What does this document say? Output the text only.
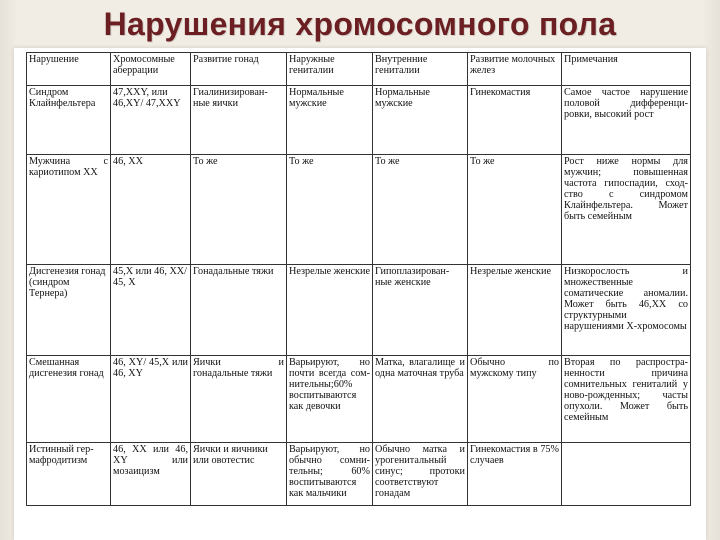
Нарушения хромосомного пола
Нарушение	Хромосомные аберрации	Развитие гонад	Наружные гениталии	Внутренние гениталии	Развитие молочных желез	Примечания
Синдром Клайнфельтера	47,XXY, или 46,XY/ 47,XXY	Гиалинизирован-ные яички	Нормальные мужские	Нормальные мужские	Гинекомастия	Самое частое нарушение половой дифференци-ровки, высокий рост
Мужчина с кариотипом XX	46, XX	То же	То же	То же	То же	Рост ниже нормы для мужчин; повышенная частота гипоспадии, сход-ство с синдромом Клайнфельтера. Может быть семейным
Дисгенезия гонад (синдром Тернера)	45,X или 46, XX/ 45, X	Гонадальные тяжи	Незрелые женские	Гипоплазирован-ные женские	Незрелые женские	Низкорослость и множественные соматические аномалии. Может быть 46,XX со структурными нарушениями X-хромосомы
Смешанная дисгенезия гонад	46, XY/ 45,X или 46, XY	Яички и гонадальные тяжи	Варьируют, но почти всегда сом-нительны;60% воспитываются как девочки	Матка, влагалище и одна маточная труба	Обычно по мужскому типу	Вторая по распростра-ненности причина сомнительных гениталий у ново-рожденных; часты опухоли. Может быть семейным
Истинный гер-мафродитизм	46, XX или 46, XY или мозаицизм	Яички и яичники или овотестис	Варьируют, но обычно сомни-тельны; 60% воспитываются как мальчики	Обычно матка и урогенитальный синус; протоки соответствуют гонадам	Гинекомастия в 75% случаев	
